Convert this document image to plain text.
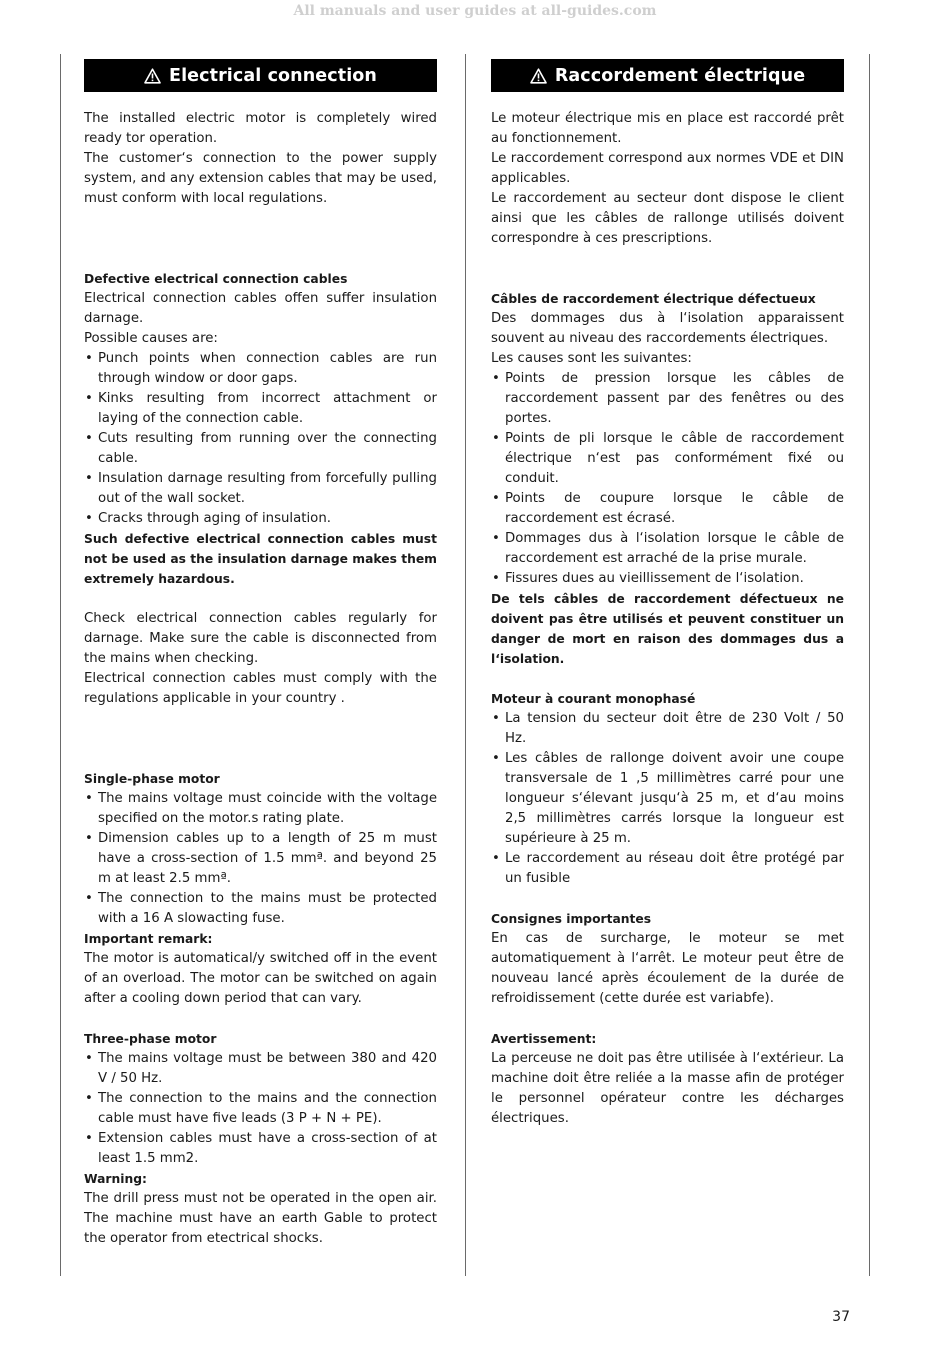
All manuals and user guides at all-guides.com
Electrical connection

The installed electric motor is completely wired ready tor operation.

The customer‘s connection to the power supply system, and any extension cables that may be used, must conform with local regulations.

Defective electrical connection cables

Electrical connection cables offen suffer insulation darnage.

Possible causes are:

• Punch points when connection cables are run through window or door gaps.
• Kinks resulting from incorrect attachment or laying of the connection cable.
• Cuts resulting from running over the connecting cable.
• Insulation darnage resulting from forcefully pulling out of the wall socket.
• Cracks through aging of insulation.

Such defective electrical connection cables must not be used as the insulation darnage makes them extremely hazardous.

Check electrical connection cables regularly for darnage. Make sure the cable is disconnected from the mains when checking.

Electrical connection cables must comply with the regulations applicable in your country .

Single-phase motor

• The mains voltage must coincide with the voltage specified on the motor.s rating plate.
• Dimension cables up to a length of 25 m must have a cross-section of 1.5 mmª. and beyond 25 m at least 2.5 mmª.
• The connection to the mains must be protected with a 16 A slowacting fuse.

Important remark:

The motor is automatical/y switched off in the event of an overload. The motor can be switched on again after a cooling down period that can vary.

Three-phase motor

• The mains voltage must be between 380 and 420 V / 50 Hz.
• The connection to the mains and the connection cable must have five leads (3 P + N + PE).
• Extension cables must have a cross-section of at least 1.5 mm2.

Warning:

The drill press must not be operated in the open air. The machine must have an earth Gable to protect the operator from etectrical shocks.

Raccordement électrique

Le moteur électrique mis en place est raccordé prêt au fonctionnement.

Le raccordement correspond aux normes VDE et DIN applicables.

Le raccordement au secteur dont dispose le client ainsi que les câbles de rallonge utilisés doivent correspondre à ces prescriptions.

Câbles de raccordement électrique défectueux

Des dommages dus à l‘isolation apparaissent souvent au niveau des raccordements électriques.

Les causes sont les suivantes:

• Points de pression lorsque les câbles de raccordement passent par des fenêtres ou des portes.
• Points de pli lorsque le câble de raccordement électrique n‘est pas conformément fixé ou conduit.
• Points de coupure lorsque le câble de raccordement est écrasé.
• Dommages dus à l‘isolation lorsque le câble de raccordement est arraché de la prise murale.
• Fissures dues au vieillissement de l‘isolation.

De tels câbles de raccordement défectueux ne doivent pas être utilisés et peuvent constituer un danger de mort en raison des dommages dus a l‘isolation.

Moteur à courant monophasé

• La tension du secteur doit être de 230 Volt / 50 Hz.
• Les câbles de rallonge doivent avoir une coupe transversale de 1 ,5 millimètres carré pour une longueur s‘élevant jusqu‘à 25 m, et d‘au moins 2,5 millimètres carrés lorsque la longueur est supérieure à 25 m.
• Le raccordement au réseau doit être protégé par un fusible

Consignes importantes

En cas de surcharge, le moteur se met automatiquement à l‘arrêt. Le moteur peut être de nouveau lancé après écoulement de la durée de refroidissement (cette durée est variabfe).

Avertissement:

La perceuse ne doit pas être utilisée à l‘extérieur. La machine doit être reliée a la masse afin de protéger le personnel opérateur contre les décharges électriques.

37
